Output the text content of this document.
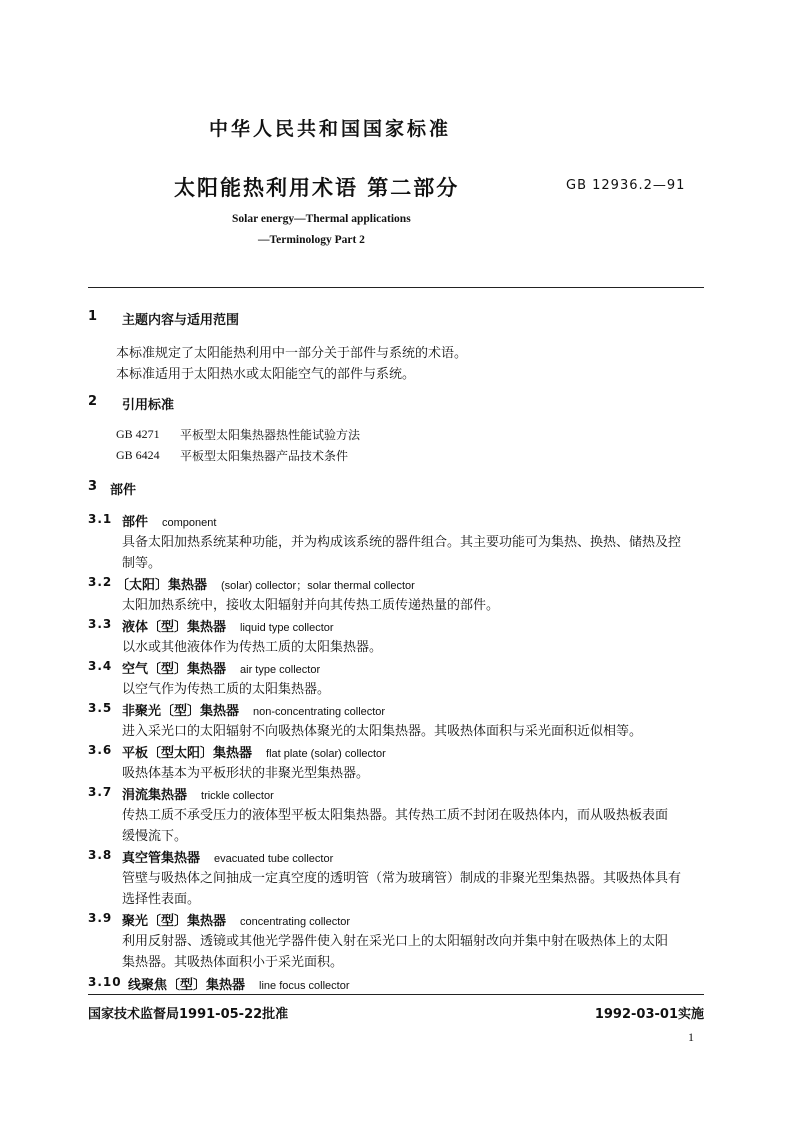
中华人民共和国国家标准
太阳能热利用术语 第二部分	GB 12936.2—91
Solar energy—Thermal applications
—Terminology Part 2
1 主题内容与适用范围
本标准规定了太阳能热利用中一部分关于部件与系统的术语。
本标准适用于太阳热水或太阳能空气的部件与系统。
2 引用标准
GB 4271 平板型太阳集热器热性能试验方法
GB 6424 平板型太阳集热器产品技术条件
3 部件
3.1 部件 component
具备太阳加热系统某种功能，并为构成该系统的器件组合。其主要功能可为集热、换热、储热及控
制等。
3.2 〔太阳〕集热器 (solar) collector；solar thermal collector
太阳加热系统中，接收太阳辐射并向其传热工质传递热量的部件。
3.3 液体〔型〕集热器 liquid type collector
以水或其他液体作为传热工质的太阳集热器。
3.4 空气〔型〕集热器 air type collector
以空气作为传热工质的太阳集热器。
3.5 非聚光〔型〕集热器 non-concentrating collector
进入采光口的太阳辐射不向吸热体聚光的太阳集热器。其吸热体面积与采光面积近似相等。
3.6 平板〔型太阳〕集热器 flat plate (solar) collector
吸热体基本为平板形状的非聚光型集热器。
3.7 涓流集热器 trickle collector
传热工质不承受压力的液体型平板太阳集热器。其传热工质不封闭在吸热体内，而从吸热板表面
缓慢流下。
3.8 真空管集热器 evacuated tube collector
管壁与吸热体之间抽成一定真空度的透明管（常为玻璃管）制成的非聚光型集热器。其吸热体具有
选择性表面。
3.9 聚光〔型〕集热器 concentrating collector
利用反射器、透镜或其他光学器件使入射在采光口上的太阳辐射改向并集中射在吸热体上的太阳
集热器。其吸热体面积小于采光面积。
3.10 线聚焦〔型〕集热器 line focus collector
国家技术监督局1991-05-22批准	1992-03-01实施
1
